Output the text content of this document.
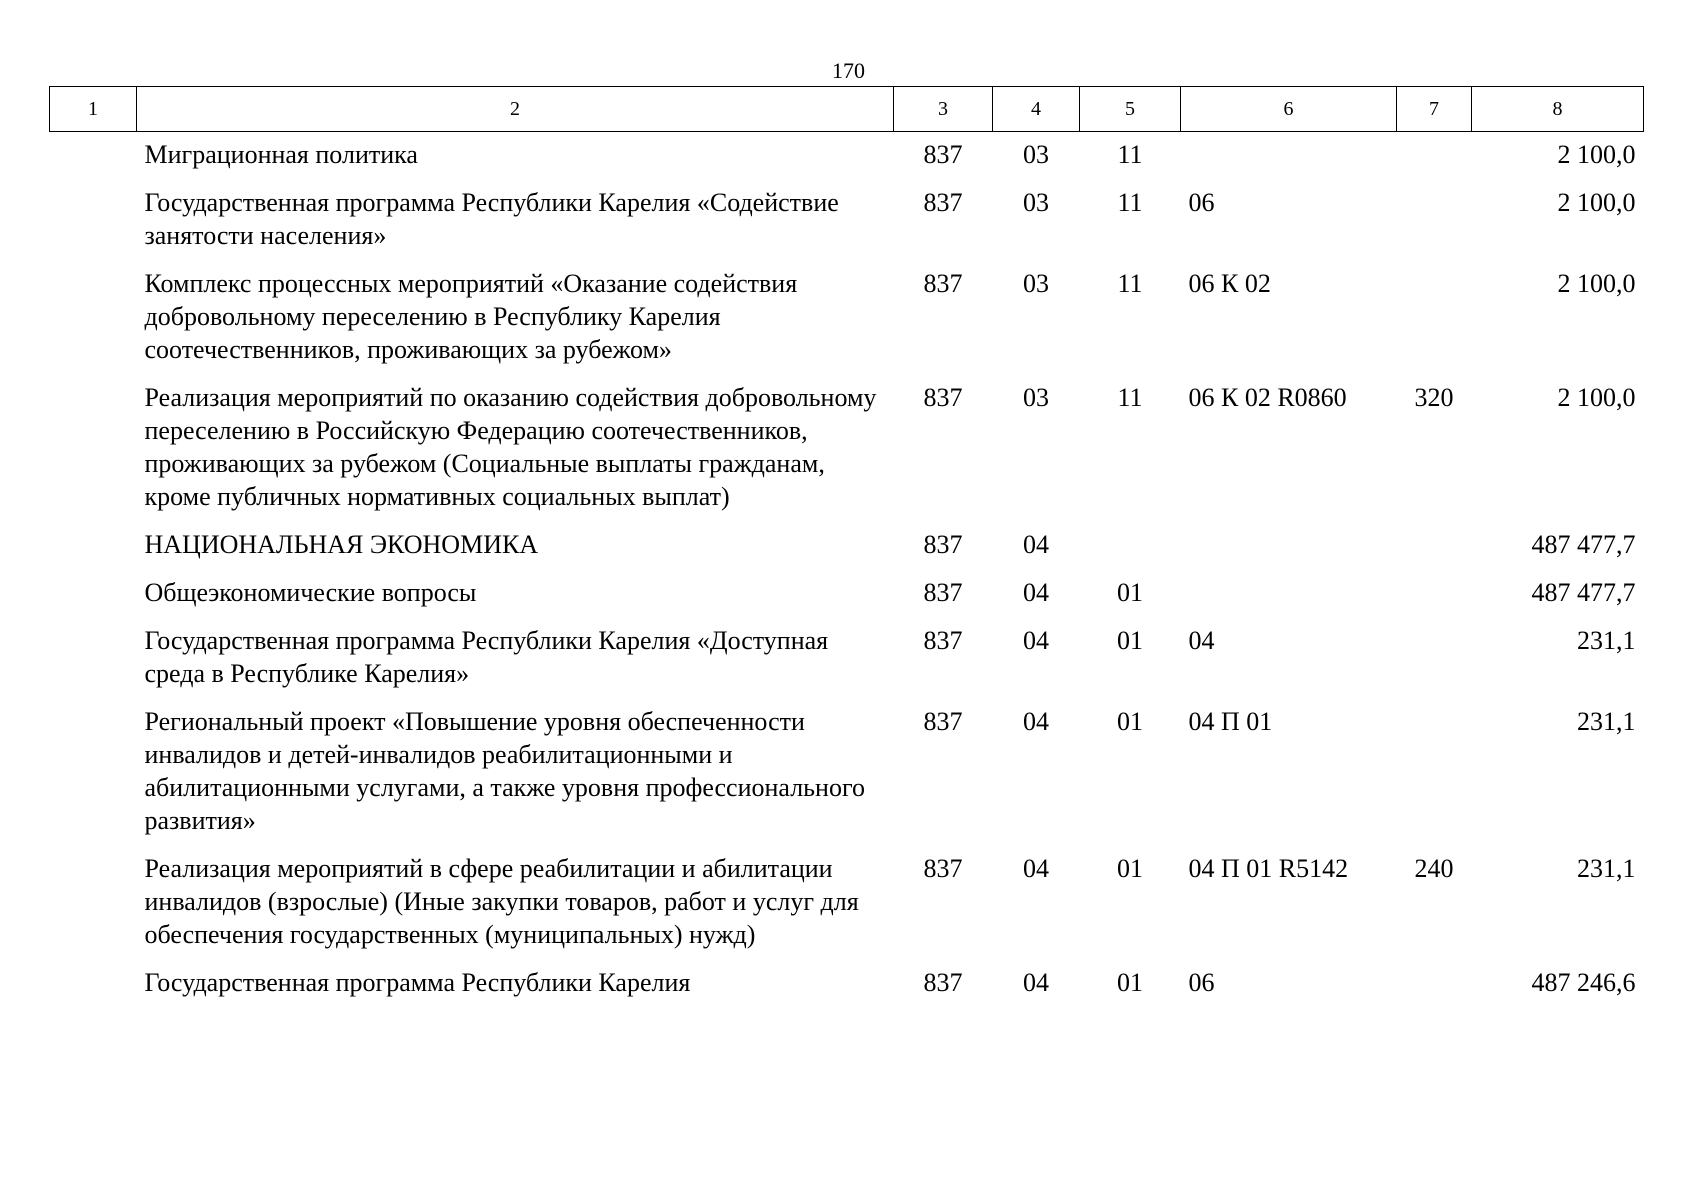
170
1	2	3	4	5	6	7	8
	Миграционная политика	837	03	11			2 100,0
	Государственная программа Республики Карелия «Содействие занятости населения»	837	03	11	06		2 100,0
	Комплекс процессных мероприятий «Оказание содействия добровольному переселению в Республику Карелия соотечественников, проживающих за рубежом»	837	03	11	06 К 02		2 100,0
	Реализация мероприятий по оказанию содействия добровольному переселению в Российскую Федерацию соотечественников, проживающих за рубежом (Социальные выплаты гражданам, кроме публичных нормативных социальных выплат)	837	03	11	06 К 02 R0860	320	2 100,0
	НАЦИОНАЛЬНАЯ ЭКОНОМИКА	837	04				487 477,7
	Общеэкономические вопросы	837	04	01			487 477,7
	Государственная программа Республики Карелия «Доступная среда в Республике Карелия»	837	04	01	04		231,1
	Региональный проект «Повышение уровня обеспеченности инвалидов и детей-инвалидов реабилитационными и абилитационными услугами, а также уровня профессионального развития»	837	04	01	04 П 01		231,1
	Реализация мероприятий в сфере реабилитации и абилитации инвалидов (взрослые) (Иные закупки товаров, работ и услуг для обеспечения государственных (муниципальных) нужд)	837	04	01	04 П 01 R5142	240	231,1
	Государственная программа Республики Карелия	837	04	01	06		487 246,6
